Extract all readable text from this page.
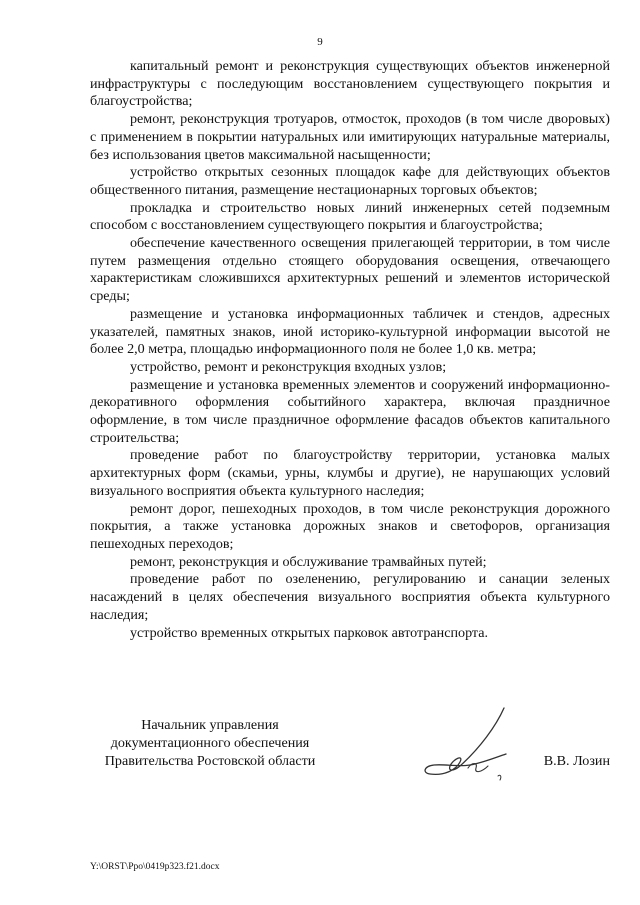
9

капитальный ремонт и реконструкция существующих объектов инженерной инфраструктуры с последующим восстановлением существующего покрытия и благоустройства;

ремонт, реконструкция тротуаров, отмосток, проходов (в том числе дворовых) с применением в покрытии натуральных или имитирующих натуральные материалы, без использования цветов максимальной насыщенности;

устройство открытых сезонных площадок кафе для действующих объектов общественного питания, размещение нестационарных торговых объектов;

прокладка и строительство новых линий инженерных сетей подземным способом с восстановлением существующего покрытия и благоустройства;

обеспечение качественного освещения прилегающей территории, в том числе путем размещения отдельно стоящего оборудования освещения, отвечающего характеристикам сложившихся архитектурных решений и элементов исторической среды;

размещение и установка информационных табличек и стендов, адресных указателей, памятных знаков, иной историко-культурной информации высотой не более 2,0 метра, площадью информационного поля не более 1,0 кв. метра;

устройство, ремонт и реконструкция входных узлов;

размещение и установка временных элементов и сооружений информационно-декоративного оформления событийного характера, включая праздничное оформление, в том числе праздничное оформление фасадов объектов капитального строительства;

проведение работ по благоустройству территории, установка малых архитектурных форм (скамьи, урны, клумбы и другие), не нарушающих условий визуального восприятия объекта культурного наследия;

ремонт дорог, пешеходных проходов, в том числе реконструкция дорожного покрытия, а также установка дорожных знаков и светофоров, организация пешеходных переходов;

ремонт, реконструкция и обслуживание трамвайных путей;

проведение работ по озеленению, регулированию и санации зеленых насаждений в целях обеспечения визуального восприятия объекта культурного наследия;

устройство временных открытых парковок автотранспорта.

Начальник управления
документационного обеспечения
Правительства Ростовской области	В.В. Лозин
Y:\ORST\Ppo\0419p323.f21.docx
